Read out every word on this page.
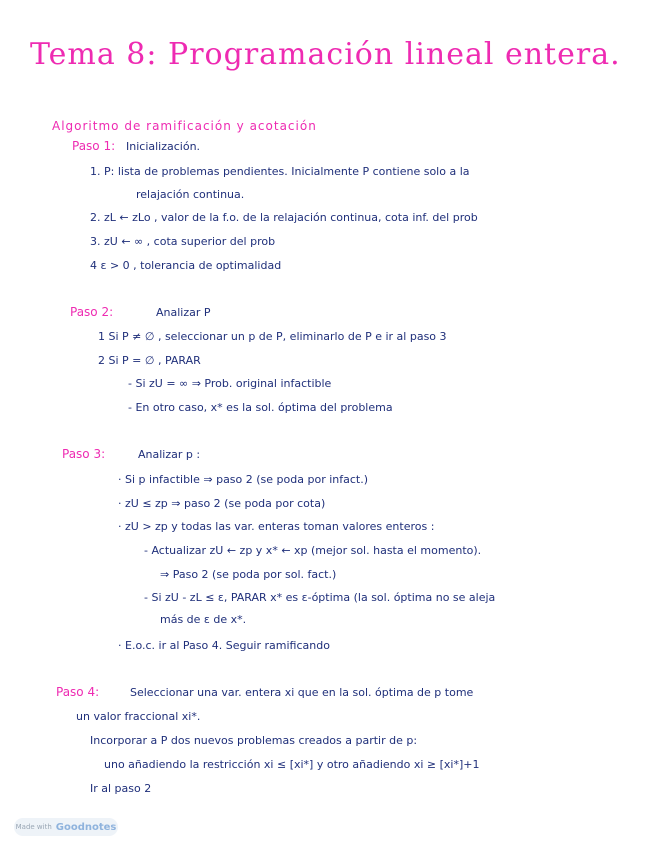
Tema 8: Programación lineal entera.
Algoritmo de ramificación y acotación
Paso 1: Inicialización.
1. P: lista de problemas pendientes. Inicialmente P contiene solo a la
relajación continua.
2. zL ← zLo , valor de la f.o. de la relajación continua, cota inf. del prob
3. zU ← ∞ , cota superior del prob
4 ε > 0 , tolerancia de optimalidad
Paso 2:	Analizar P
1 Si P ≠ ∅ , seleccionar un p de P, eliminarlo de P e ir al paso 3
2 Si P = ∅ , PARAR
- Si zU = ∞ ⇒ Prob. original infactible
- En otro caso, x* es la sol. óptima del problema
Paso 3:	Analizar p :
· Si p infactible ⇒ paso 2 (se poda por infact.)
· zU ≤ zp ⇒ paso 2 (se poda por cota)
· zU > zp y todas las var. enteras toman valores enteros :
- Actualizar zU ← zp y x* ← xp (mejor sol. hasta el momento).
⇒ Paso 2 (se poda por sol. fact.)
- Si zU - zL ≤ ε, PARAR x* es ε-óptima (la sol. óptima no se aleja
más de ε de x*.
· E.o.c. ir al Paso 4. Seguir ramificando
Paso 4:	Seleccionar una var. entera xi que en la sol. óptima de p tome
un valor fraccional xi*.
Incorporar a P dos nuevos problemas creados a partir de p:
uno añadiendo la restricción xi ≤ [xi*] y otro añadiendo xi ≥ [xi*]+1
Ir al paso 2
Made with Goodnotes
